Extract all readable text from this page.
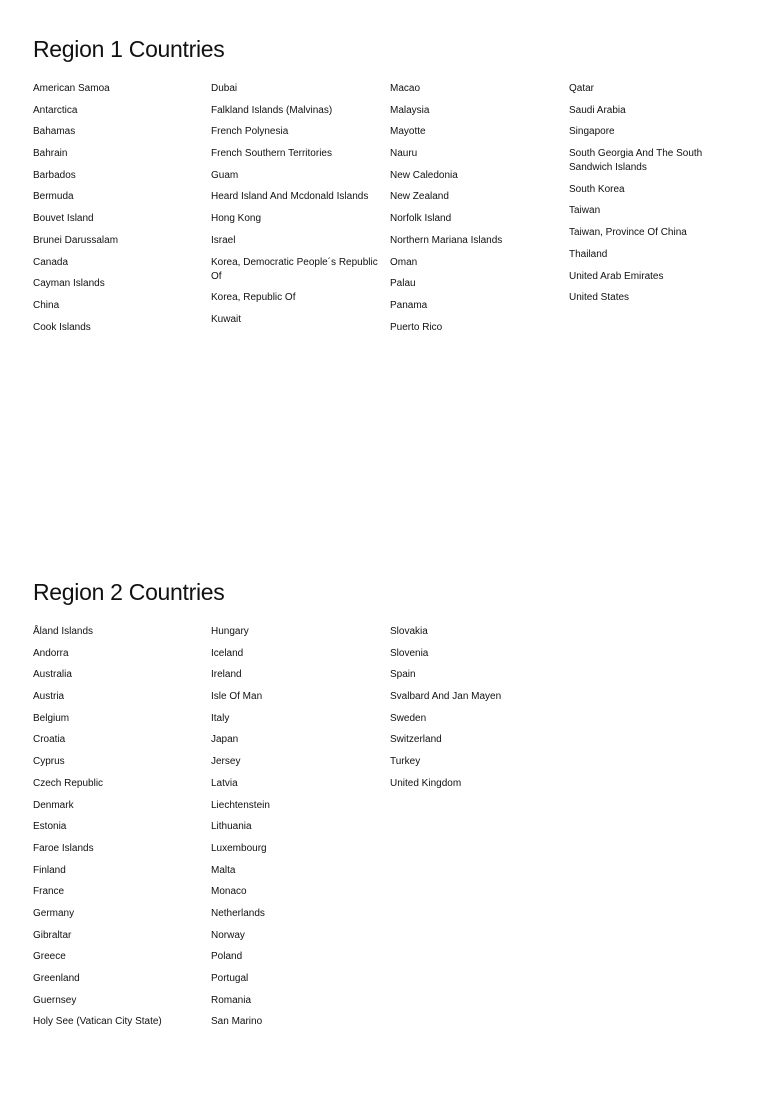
Region 1 Countries
American Samoa
Antarctica
Bahamas
Bahrain
Barbados
Bermuda
Bouvet Island
Brunei Darussalam
Canada
Cayman Islands
China
Cook Islands
Dubai
Falkland Islands (Malvinas)
French Polynesia
French Southern Territories
Guam
Heard Island And Mcdonald Islands
Hong Kong
Israel
Korea, Democratic People´s Republic Of
Korea, Republic Of
Kuwait
Macao
Malaysia
Mayotte
Nauru
New Caledonia
New Zealand
Norfolk Island
Northern Mariana Islands
Oman
Palau
Panama
Puerto Rico
Qatar
Saudi Arabia
Singapore
South Georgia And The South Sandwich Islands
South Korea
Taiwan
Taiwan, Province Of China
Thailand
United Arab Emirates
United States
Region 2 Countries
Åland Islands
Andorra
Australia
Austria
Belgium
Croatia
Cyprus
Czech Republic
Denmark
Estonia
Faroe Islands
Finland
France
Germany
Gibraltar
Greece
Greenland
Guernsey
Holy See (Vatican City State)
Hungary
Iceland
Ireland
Isle Of Man
Italy
Japan
Jersey
Latvia
Liechtenstein
Lithuania
Luxembourg
Malta
Monaco
Netherlands
Norway
Poland
Portugal
Romania
San Marino
Slovakia
Slovenia
Spain
Svalbard And Jan Mayen
Sweden
Switzerland
Turkey
United Kingdom
